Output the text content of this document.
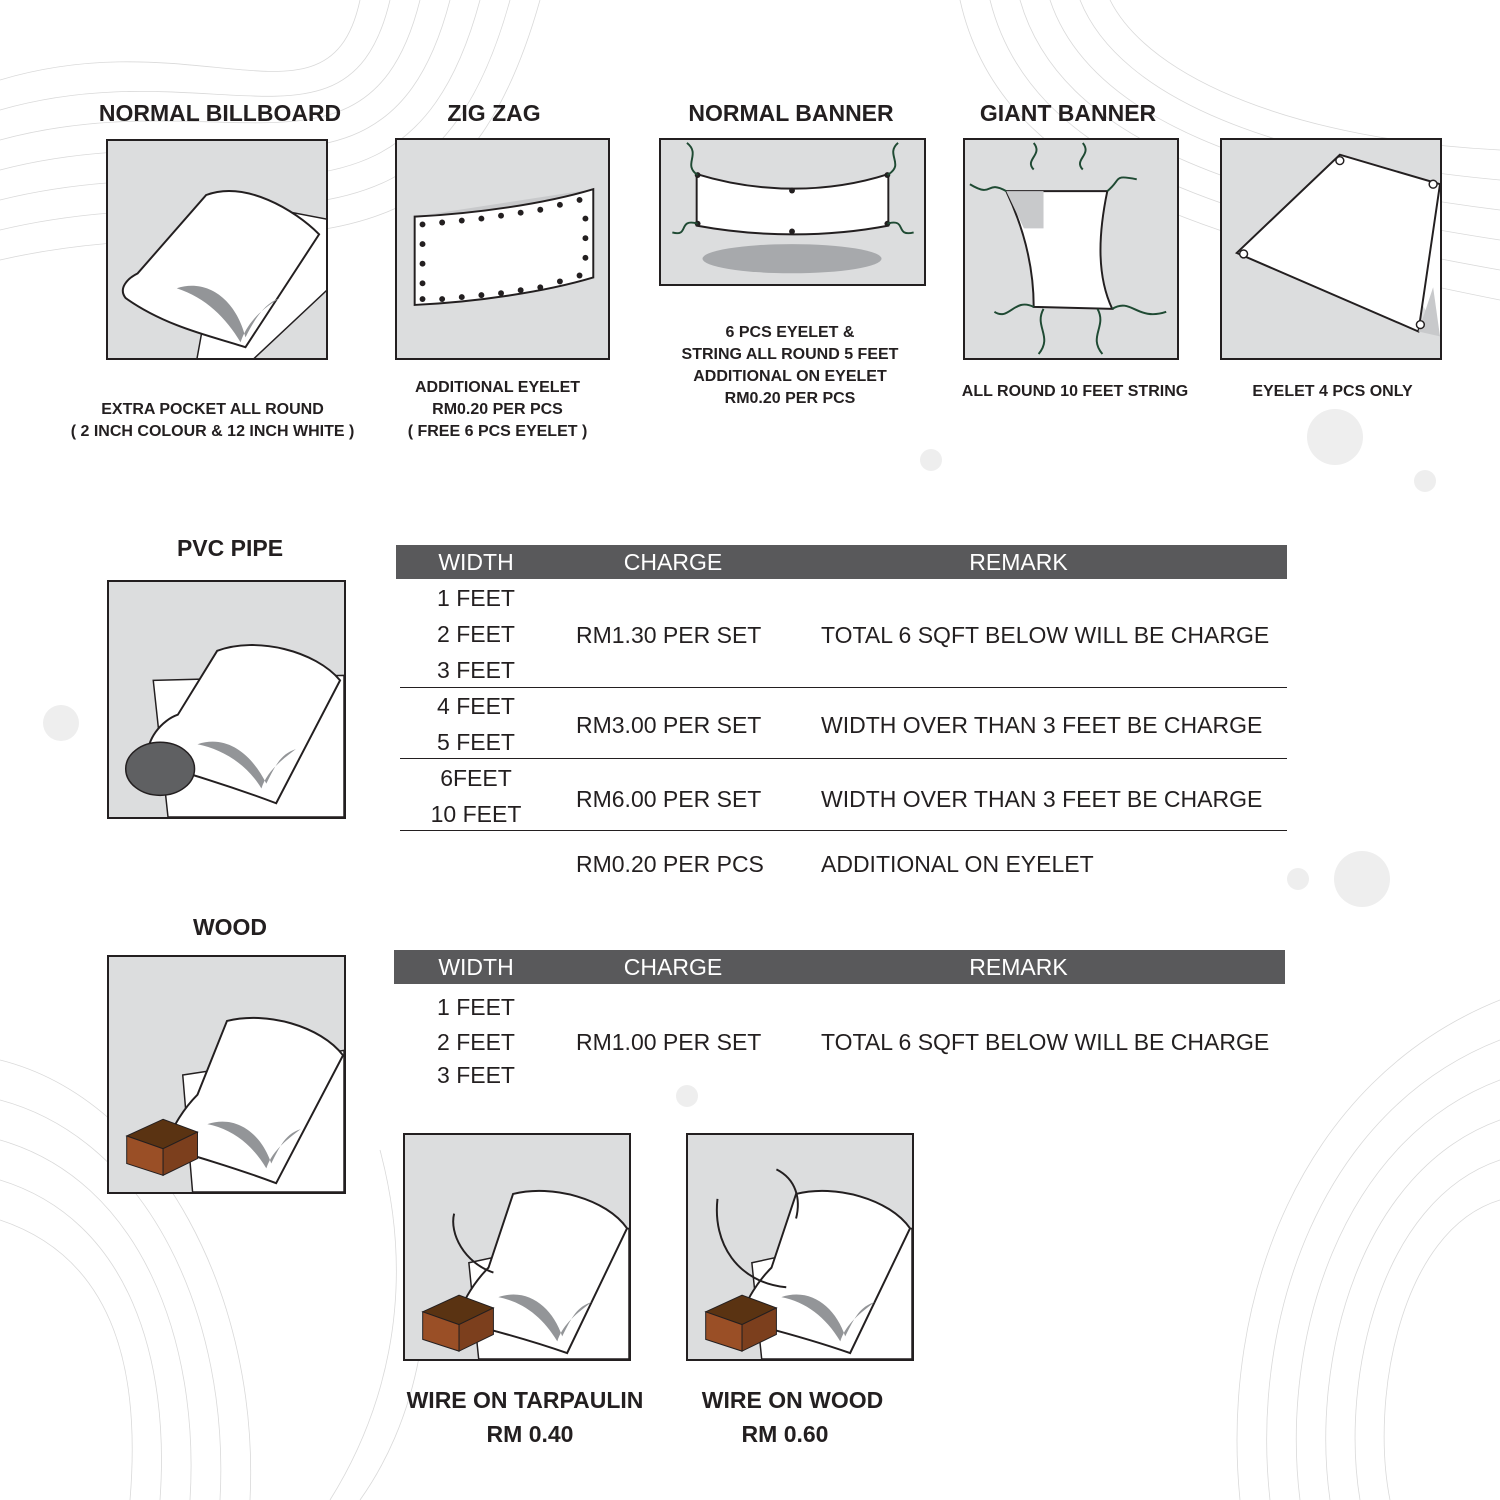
NORMAL BILLBOARD
EXTRA POCKET ALL ROUND
( 2 INCH COLOUR & 12 INCH WHITE )
ZIG ZAG
ADDITIONAL EYELET
RM0.20 PER PCS
( FREE 6 PCS EYELET )
NORMAL BANNER
6 PCS EYELET &
STRING ALL ROUND 5 FEET
ADDITIONAL ON EYELET
RM0.20 PER PCS
GIANT BANNER
ALL ROUND 10 FEET STRING	EYELET 4 PCS ONLY
PVC PIPE
WIDTH	CHARGE	REMARK
1 FEET
2 FEET
3 FEET
RM1.30 PER SET	TOTAL 6 SQFT BELOW WILL BE CHARGE
4 FEET
5 FEET
RM3.00 PER SET	WIDTH OVER THAN 3 FEET BE CHARGE
6FEET
10 FEET
RM6.00 PER SET	WIDTH OVER THAN 3 FEET BE CHARGE
RM0.20 PER PCS ADDITIONAL ON EYELET
WOOD
WIDTH	CHARGE	REMARK
1 FEET
2 FEET
3 FEET
RM1.00 PER SET	TOTAL 6 SQFT BELOW WILL BE CHARGE
WIRE ON TARPAULIN
RM 0.40
WIRE ON WOOD
RM 0.60
